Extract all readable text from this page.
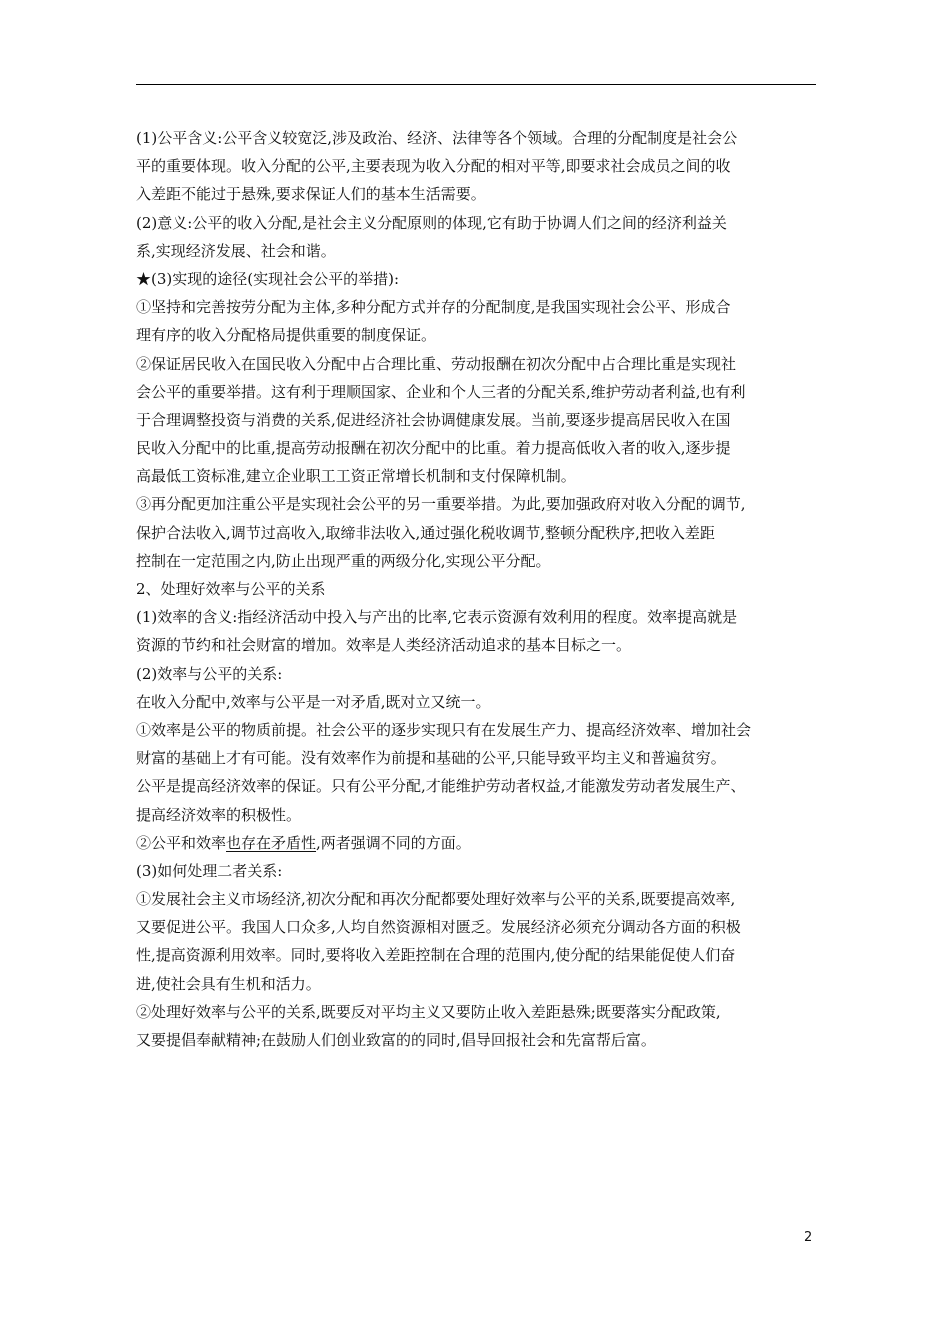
(1)公平含义:公平含义较宽泛,涉及政治、经济、法律等各个领域。合理的分配制度是社会公
平的重要体现。收入分配的公平,主要表现为收入分配的相对平等,即要求社会成员之间的收
入差距不能过于悬殊,要求保证人们的基本生活需要。
(2)意义:公平的收入分配,是社会主义分配原则的体现,它有助于协调人们之间的经济利益关
系,实现经济发展、社会和谐。
★(3)实现的途径(实现社会公平的举措):
①坚持和完善按劳分配为主体,多种分配方式并存的分配制度,是我国实现社会公平、形成合
理有序的收入分配格局提供重要的制度保证。
②保证居民收入在国民收入分配中占合理比重、劳动报酬在初次分配中占合理比重是实现社
会公平的重要举措。这有利于理顺国家、企业和个人三者的分配关系,维护劳动者利益,也有利
于合理调整投资与消费的关系,促进经济社会协调健康发展。当前,要逐步提高居民收入在国
民收入分配中的比重,提高劳动报酬在初次分配中的比重。着力提高低收入者的收入,逐步提
高最低工资标准,建立企业职工工资正常增长机制和支付保障机制。
③再分配更加注重公平是实现社会公平的另一重要举措。为此,要加强政府对收入分配的调节,
保护合法收入,调节过高收入,取缔非法收入,通过强化税收调节,整顿分配秩序,把收入差距
控制在一定范围之内,防止出现严重的两级分化,实现公平分配。
2、处理好效率与公平的关系
(1)效率的含义:指经济活动中投入与产出的比率,它表示资源有效利用的程度。效率提高就是
资源的节约和社会财富的增加。效率是人类经济活动追求的基本目标之一。
(2)效率与公平的关系:
在收入分配中,效率与公平是一对矛盾,既对立又统一。
①效率是公平的物质前提。社会公平的逐步实现只有在发展生产力、提高经济效率、增加社会
财富的基础上才有可能。没有效率作为前提和基础的公平,只能导致平均主义和普遍贫穷。
公平是提高经济效率的保证。只有公平分配,才能维护劳动者权益,才能激发劳动者发展生产、
提高经济效率的积极性。
②公平和效率也存在矛盾性,两者强调不同的方面。
(3)如何处理二者关系:
①发展社会主义市场经济,初次分配和再次分配都要处理好效率与公平的关系,既要提高效率,
又要促进公平。我国人口众多,人均自然资源相对匮乏。发展经济必须充分调动各方面的积极
性,提高资源利用效率。同时,要将收入差距控制在合理的范围内,使分配的结果能促使人们奋
进,使社会具有生机和活力。
②处理好效率与公平的关系,既要反对平均主义又要防止收入差距悬殊;既要落实分配政策,
又要提倡奉献精神;在鼓励人们创业致富的的同时,倡导回报社会和先富帮后富。
2
